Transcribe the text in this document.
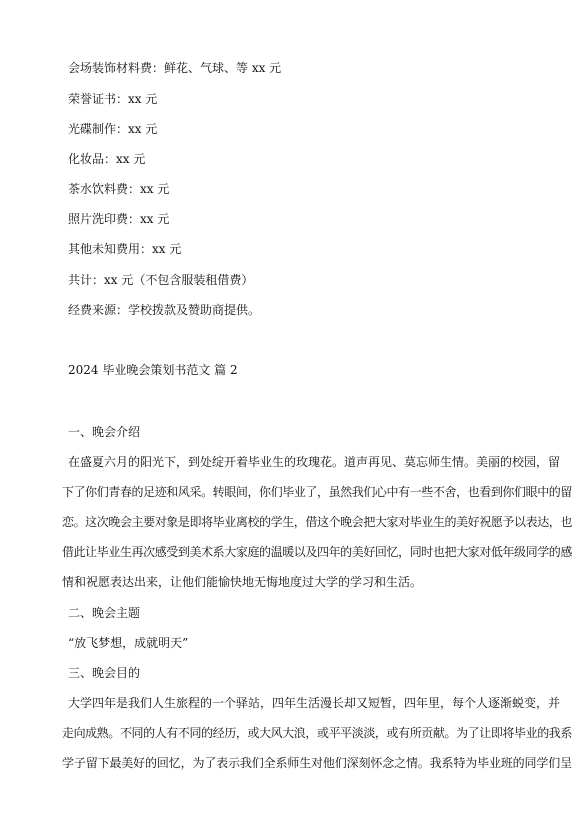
会场装饰材料费：鲜花、气球、等 xx 元
荣誉证书：xx 元
光碟制作：xx 元
化妆品：xx 元
茶水饮料费：xx 元
照片洗印费：xx 元
其他未知费用：xx 元
共计：xx 元（不包含服装租借费）
经费来源：学校拨款及赞助商提供。
2024 毕业晚会策划书范文 篇 2
一、晚会介绍
在盛夏六月的阳光下，到处绽开着毕业生的玫瑰花。道声再见、莫忘师生情。美丽的校园，留
下了你们青春的足迹和风采。转眼间，你们毕业了，虽然我们心中有一些不舍，也看到你们眼中的留
恋。这次晚会主要对象是即将毕业离校的学生，借这个晚会把大家对毕业生的美好祝愿予以表达，也
借此让毕业生再次感受到美术系大家庭的温暖以及四年的美好回忆，同时也把大家对低年级同学的感
情和祝愿表达出来，让他们能愉快地无悔地度过大学的学习和生活。
二、晚会主题
“放飞梦想，成就明天”
三、晚会目的
大学四年是我们人生旅程的一个驿站，四年生活漫长却又短暂，四年里，每个人逐渐蜕变，并
走向成熟。不同的人有不同的经历，或大风大浪，或平平淡淡，或有所贡献。为了让即将毕业的我系
学子留下最美好的回忆，为了表示我们全系师生对他们深刻怀念之情。我系特为毕业班的同学们呈
